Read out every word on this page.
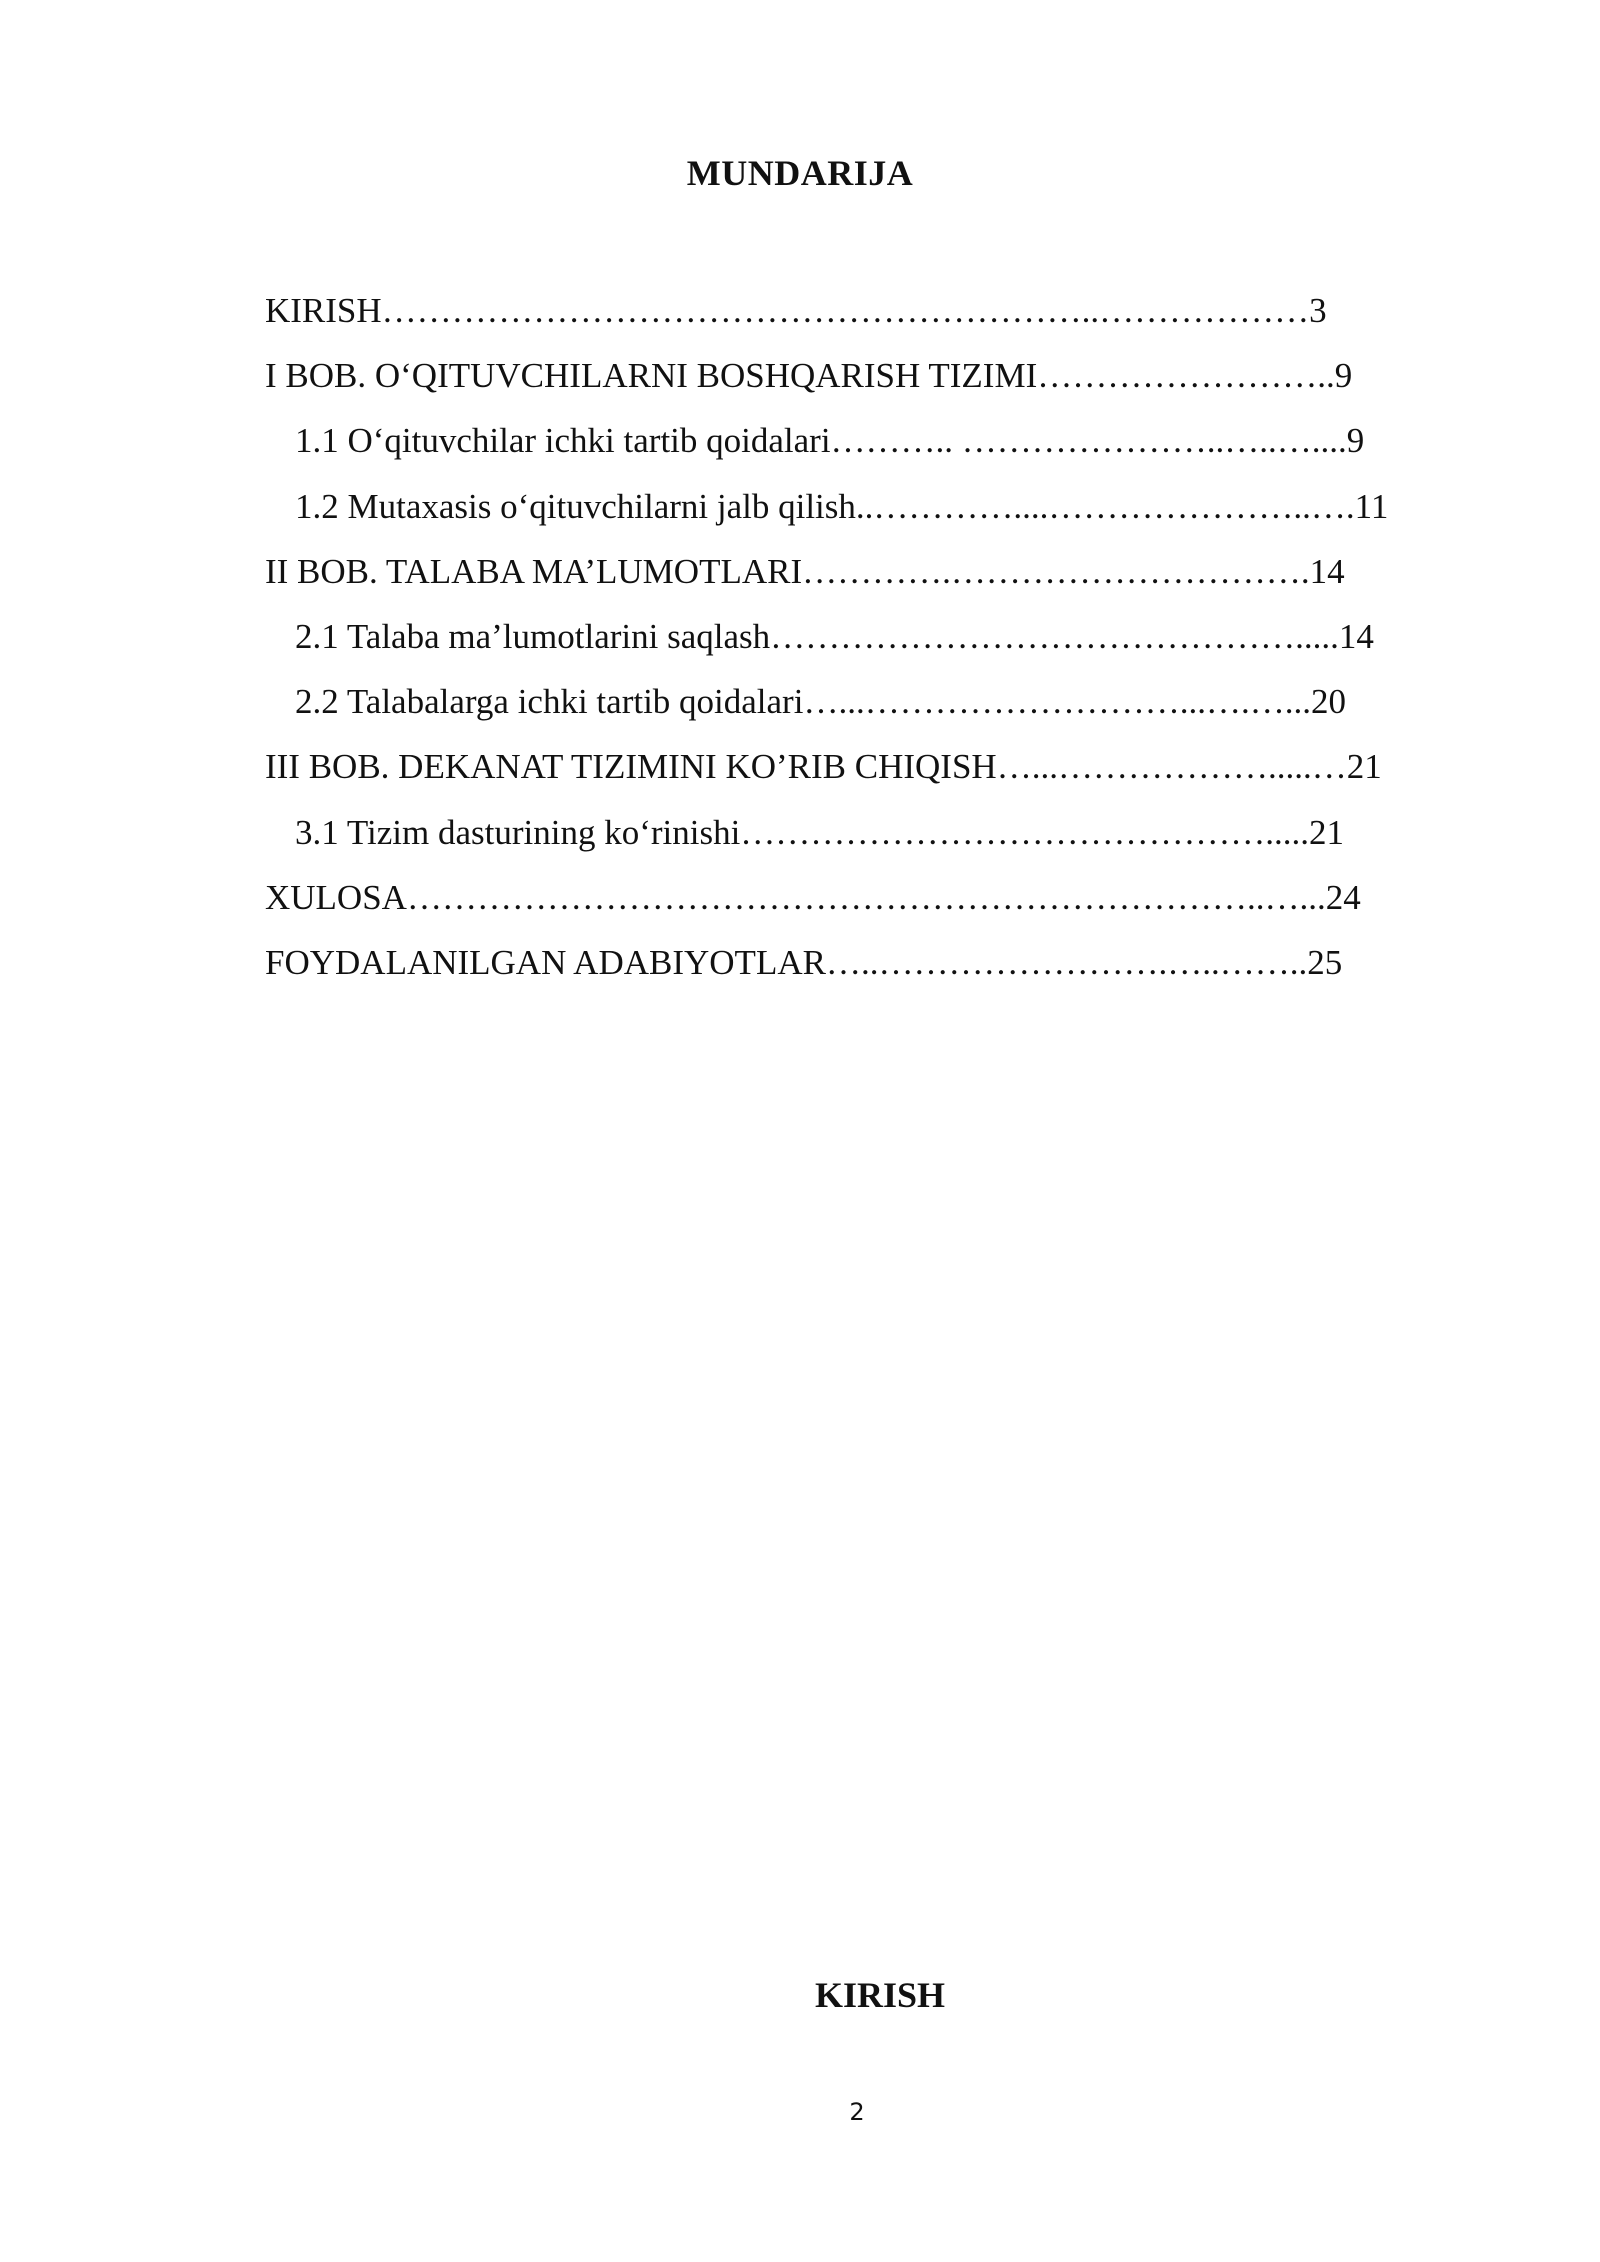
MUNDARIJA
KIRISH……………………………………………………..………………3
I BOB. O‘QITUVCHILARNI BOSHQARISH TIZIMI……………………..9
1.1 O‘qituvchilar ichki tartib qoidalari……….. …………………..…..…....9
1.2 Mutaxasis o‘qituvchilarni jalb qilish..…………....…………………..….11
II BOB. TALABA MA’LUMOTLARI………….………………………….14
2.1 Talaba ma’lumotlarini saqlash……………………………………….....14
2.2 Talabalarga ichki tartib qoidalari…...………………………...….…...20
III BOB. DEKANAT TIZIMINI KO’RIB CHIQISH…...……………….....…21
3.1 Tizim dasturining ko‘rinishi……………………………………….....21
XULOSA………………………………………………………………..…...24
FOYDALANILGAN ADABIYOTLAR…..…………………….…..……..25
KIRISH
2
